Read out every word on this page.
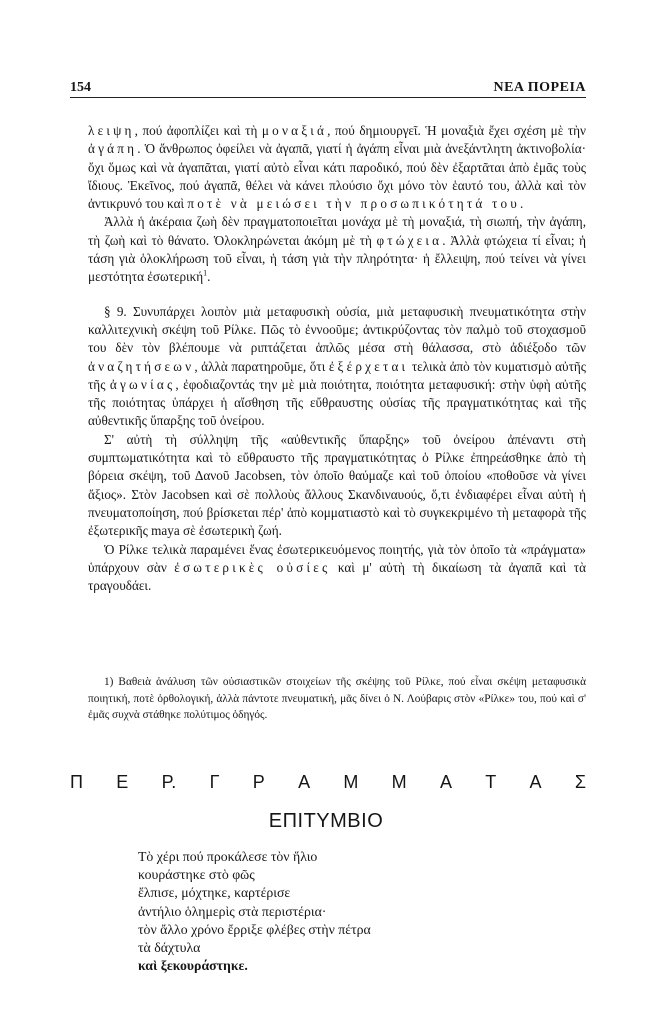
154	ΝΕΑ ΠΟΡΕΙΑ

λειψη, πού ἀφοπλίζει καὶ τὴ μοναξιά, πού δημιουργεῖ. Ἡ μοναξιὰ ἔχει σχέση μὲ τὴν ἀγάπη. Ὁ ἄνθρωπος ὀφείλει νὰ ἀγαπᾶ, γιατί ἡ ἀγάπη εἶναι μιὰ ἀνεξάντλητη ἀκτινοβολία· ὄχι ὅμως καὶ νὰ ἀγαπᾶται, γιατί αὐτὸ εἶναι κάτι παροδικό, πού δὲν ἐξαρτᾶται ἀπὸ ἐμᾶς τοὺς ἴδιους. Ἐκεῖνος, πού ἀγαπᾶ, θέλει νὰ κάνει πλούσιο ὄχι μόνο τὸν ἑαυτό του, ἀλλὰ καὶ τὸν ἀντικρυνό του καὶ ποτὲ νὰ μειώσει τὴν προσωπικότητά του.

Ἀλλὰ ἡ ἀκέραια ζωὴ δὲν πραγματοποιεῖται μονάχα μὲ τὴ μοναξιά, τὴ σιωπή, τὴν ἀγάπη, τὴ ζωὴ καὶ τὸ θάνατο. Ὁλοκληρώνεται ἀκόμη μὲ τὴ φτώχεια. Ἀλλὰ φτώχεια τί εἶναι; ἡ τάση γιὰ ὁλοκλήρωση τοῦ εἶναι, ἡ τάση γιὰ τὴν πληρότητα· ἡ ἔλλειψη, πού τείνει νὰ γίνει μεστότητα ἐσωτερική$^1$.

§ 9. Συνυπάρχει λοιπὸν μιὰ μεταφυσικὴ οὐσία, μιὰ μεταφυσικὴ πνευματικότητα στὴν καλλιτεχνικὴ σκέψη τοῦ Ρίλκε. Πῶς τὸ ἐννοοῦμε; ἀντικρύζοντας τὸν παλμὸ τοῦ στοχασμοῦ του δὲν τὸν βλέπουμε νὰ ριπτάζεται ἁπλῶς μέσα στὴ θάλασσα, στὸ ἀδιέξοδο τῶν ἀναζητήσεων, ἀλλὰ παρατηροῦμε, ὅτι ἐξέρχεται τελικὰ ἀπὸ τὸν κυματισμὸ αὐτῆς τῆς ἀγωνίας, ἐφοδιαζοντάς την μὲ μιὰ ποιότητα, ποιότητα μεταφυσική: στὴν ὑφὴ αὐτῆς τῆς ποιότητας ὑπάρχει ἡ αἴσθηση τῆς εὔθραυστης οὐσίας τῆς πραγματικότητας καὶ τῆς αὐθεντικῆς ὕπαρξης τοῦ ὀνείρου.

Σ' αὐτὴ τὴ σύλληψη τῆς «αὐθεντικῆς ὕπαρξης» τοῦ ὀνείρου ἀπέναντι στὴ συμπτωματικότητα καὶ τὸ εὔθραυστο τῆς πραγματικότητας ὁ Ρίλκε ἐπηρεάσθηκε ἀπὸ τὴ βόρεια σκέψη, τοῦ Δανοῦ Jacobsen, τὸν ὁποῖο θαύμαζε καὶ τοῦ ὁποίου «ποθοῦσε νὰ γίνει ἄξιος». Στὸν Jacobsen καὶ σὲ πολλοὺς ἄλλους Σκανδιναυούς, ὅ,τι ἐνδιαφέρει εἶναι αὐτὴ ἡ πνευματοποίηση, πού βρίσκεται πέρ' ἀπὸ κομματιαστὸ καὶ τὸ συγκεκριμένο τὴ μεταφορὰ τῆς ἐξωτερικῆς maya σὲ ἐσωτερικὴ ζωή.

Ὁ Ρίλκε τελικὰ παραμένει ἕνας ἐσωτερικευόμενος ποιητής, γιὰ τὸν ὁποῖο τὰ «πράγματα» ὑπάρχουν σὰν ἐσωτερικὲς οὐσίες καὶ μ' αὐτὴ τὴ δικαίωση τὰ ἀγαπᾶ καὶ τὰ τραγουδάει.

1) Βαθειὰ ἀνάλυση τῶν οὐσιαστικῶν στοιχείων τῆς σκέψης τοῦ Ρίλκε, πού εἶναι σκέψη μεταφυσικὰ ποιητική, ποτὲ ὀρθολογική, ἀλλὰ πάντοτε πνευματική, μᾶς δίνει ὁ Ν. Λούβαρις στὸν «Ρίλκε» του, πού καὶ σ' ἐμᾶς συχνὰ στάθηκε πολύτιμος ὁδηγός.

Π Ε Ρ. Γ Ρ Α Μ Μ Α Τ Α Σ
ΕΠΙΤΥΜΒΙΟ
Τὸ χέρι πού προκάλεσε τὸν ἥλιο
κουράστηκε στὸ φῶς
ἔλπισε, μόχτηκε, καρτέρισε
ἀντήλιο ὁλημερὶς στὰ περιστέρια·
τὸν ἄλλο χρόνο ἔρριξε φλέβες στὴν πέτρα
τὰ δάχτυλα
καὶ ξεκουράστηκε.
